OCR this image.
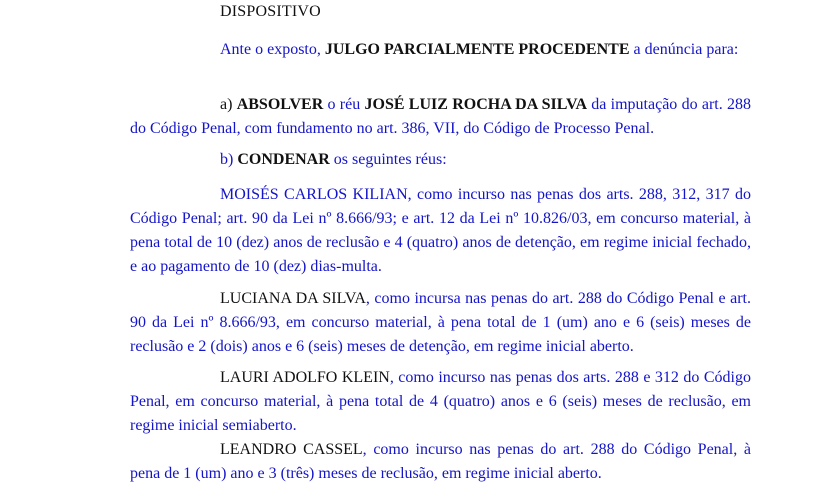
DISPOSITIVO

Ante o exposto, JULGO PARCIALMENTE PROCEDENTE a denúncia para:

a) ABSOLVER o réu JOSÉ LUIZ ROCHA DA SILVA da imputação do art. 288 do Código Penal, com fundamento no art. 386, VII, do Código de Processo Penal.

b) CONDENAR os seguintes réus:

MOISÉS CARLOS KILIAN, como incurso nas penas dos arts. 288, 312, 317 do Código Penal; art. 90 da Lei nº 8.666/93; e art. 12 da Lei nº 10.826/03, em concurso material, à pena total de 10 (dez) anos de reclusão e 4 (quatro) anos de detenção, em regime inicial fechado, e ao pagamento de 10 (dez) dias-multa.

LUCIANA DA SILVA, como incursa nas penas do art. 288 do Código Penal e art. 90 da Lei nº 8.666/93, em concurso material, à pena total de 1 (um) ano e 6 (seis) meses de reclusão e 2 (dois) anos e 6 (seis) meses de detenção, em regime inicial aberto.

LAURI ADOLFO KLEIN, como incurso nas penas dos arts. 288 e 312 do Código Penal, em concurso material, à pena total de 4 (quatro) anos e 6 (seis) meses de reclusão, em regime inicial semiaberto.

LEANDRO CASSEL, como incurso nas penas do art. 288 do Código Penal, à pena de 1 (um) ano e 3 (três) meses de reclusão, em regime inicial aberto.
